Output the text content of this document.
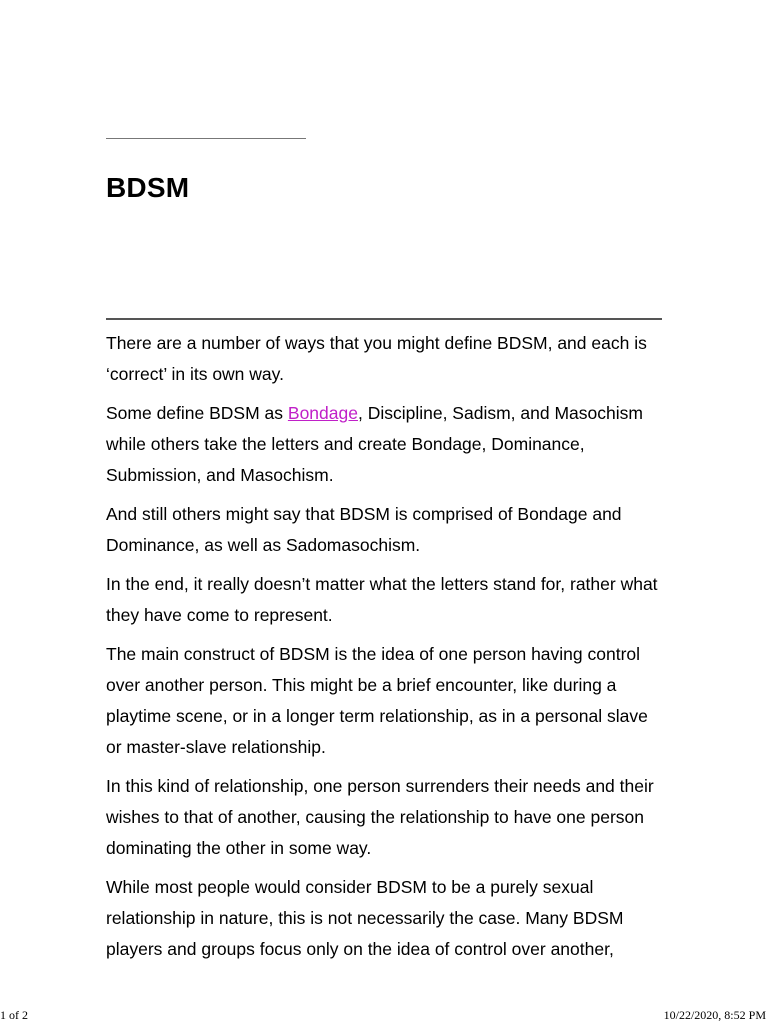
BDSM

There are a number of ways that you might define BDSM, and each is ‘correct’ in its own way.

Some define BDSM as Bondage, Discipline, Sadism, and Masochism while others take the letters and create Bondage, Dominance, Submission, and Masochism.

And still others might say that BDSM is comprised of Bondage and Dominance, as well as Sadomasochism.

In the end, it really doesn’t matter what the letters stand for, rather what they have come to represent.

The main construct of BDSM is the idea of one person having control over another person. This might be a brief encounter, like during a playtime scene, or in a longer term relationship, as in a personal slave or master-slave relationship.

In this kind of relationship, one person surrenders their needs and their wishes to that of another, causing the relationship to have one person dominating the other in some way.

While most people would consider BDSM to be a purely sexual relationship in nature, this is not necessarily the case. Many BDSM players and groups focus only on the idea of control over another,

1 of 2	10/22/2020, 8:52 PM
